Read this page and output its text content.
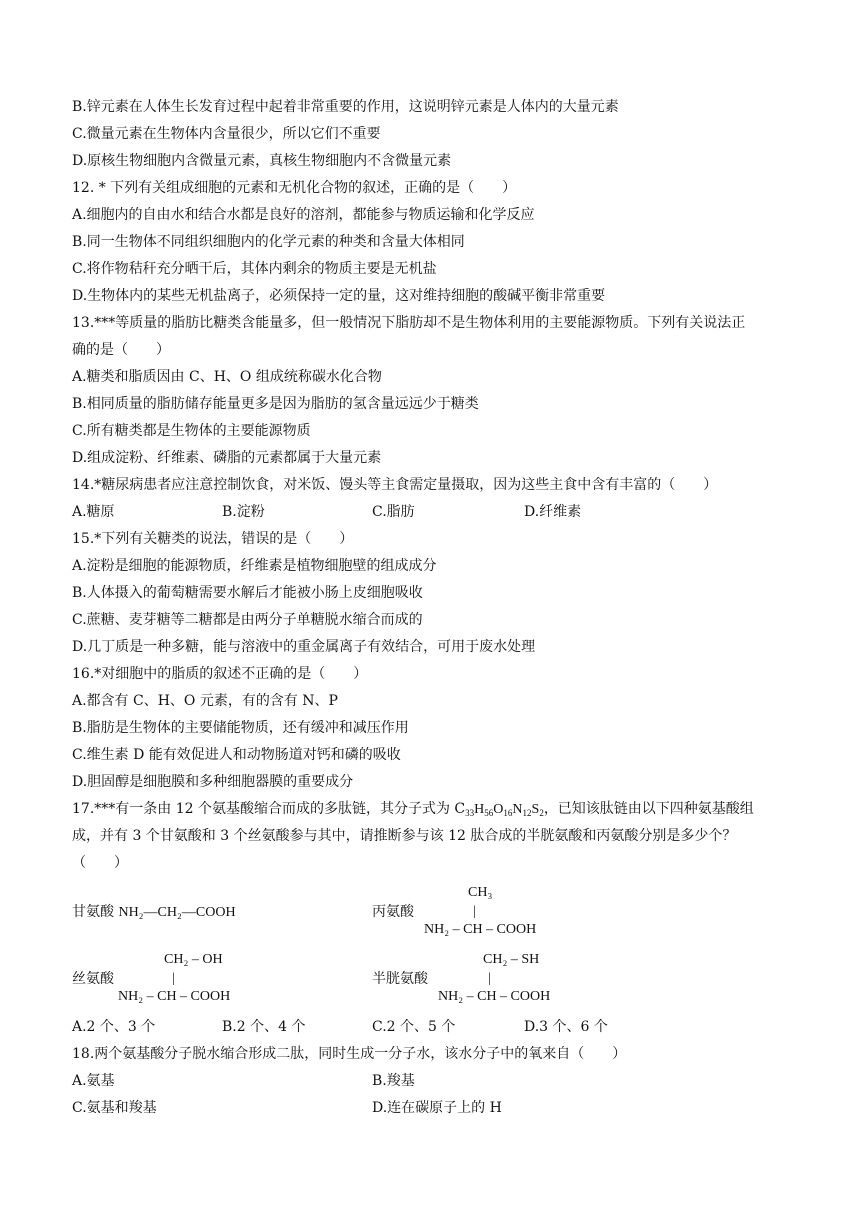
B.锌元素在人体生长发育过程中起着非常重要的作用，这说明锌元素是人体内的大量元素
C.微量元素在生物体内含量很少，所以它们不重要
D.原核生物细胞内含微量元素，真核生物细胞内不含微量元素
12. * 下列有关组成细胞的元素和无机化合物的叙述，正确的是（　　）
A.细胞内的自由水和结合水都是良好的溶剂，都能参与物质运输和化学反应
B.同一生物体不同组织细胞内的化学元素的种类和含量大体相同
C.将作物秸秆充分晒干后，其体内剩余的物质主要是无机盐
D.生物体内的某些无机盐离子，必须保持一定的量，这对维持细胞的酸碱平衡非常重要
13.***等质量的脂肪比糖类含能量多，但一般情况下脂肪却不是生物体利用的主要能源物质。下列有关说法正
确的是（　　）
A.糖类和脂质因由 C、H、O 组成统称碳水化合物
B.相同质量的脂肪储存能量更多是因为脂肪的氢含量远远少于糖类
C.所有糖类都是生物体的主要能源物质
D.组成淀粉、纤维素、磷脂的元素都属于大量元素
14.*糖尿病患者应注意控制饮食，对米饭、馒头等主食需定量摄取，因为这些主食中含有丰富的（　　）
A.糖原	B.淀粉	C.脂肪	D.纤维素
15.*下列有关糖类的说法，错误的是（　　）
A.淀粉是细胞的能源物质，纤维素是植物细胞壁的组成成分
B.人体摄入的葡萄糖需要水解后才能被小肠上皮细胞吸收
C.蔗糖、麦芽糖等二糖都是由两分子单糖脱水缩合而成的
D.几丁质是一种多糖，能与溶液中的重金属离子有效结合，可用于废水处理
16.*对细胞中的脂质的叙述不正确的是（　　）
A.都含有 C、H、O 元素，有的含有 N、P
B.脂肪是生物体的主要储能物质，还有缓冲和减压作用
C.维生素 D 能有效促进人和动物肠道对钙和磷的吸收
D.胆固醇是细胞膜和多种细胞器膜的重要成分
17.***有一条由 12 个氨基酸缩合而成的多肽链，其分子式为 $C_{33}H_{56}O_{16}N_{12}S_2$，已知该肽链由以下四种氨基酸组
成，并有 3 个甘氨酸和 3 个丝氨酸参与其中，请推断参与该 12 肽合成的半胱氨酸和丙氨酸分别是多少个？
（　　）
甘氨酸 NH₂—CH₂—COOH	丙氨酸
CH₃
|
NH₂ – CH – COOH
CH₂ – OH
丝氨酸	|
NH₂ – CH – COOH
CH₂ – SH
半胱氨酸	|
NH₂ – CH – COOH
A.2 个、3 个	B.2 个、4 个	C.2 个、5 个	D.3 个、6 个
18.两个氨基酸分子脱水缩合形成二肽，同时生成一分子水，该水分子中的氧来自（　　）
A.氨基	B.羧基
C.氨基和羧基	D.连在碳原子上的 H
